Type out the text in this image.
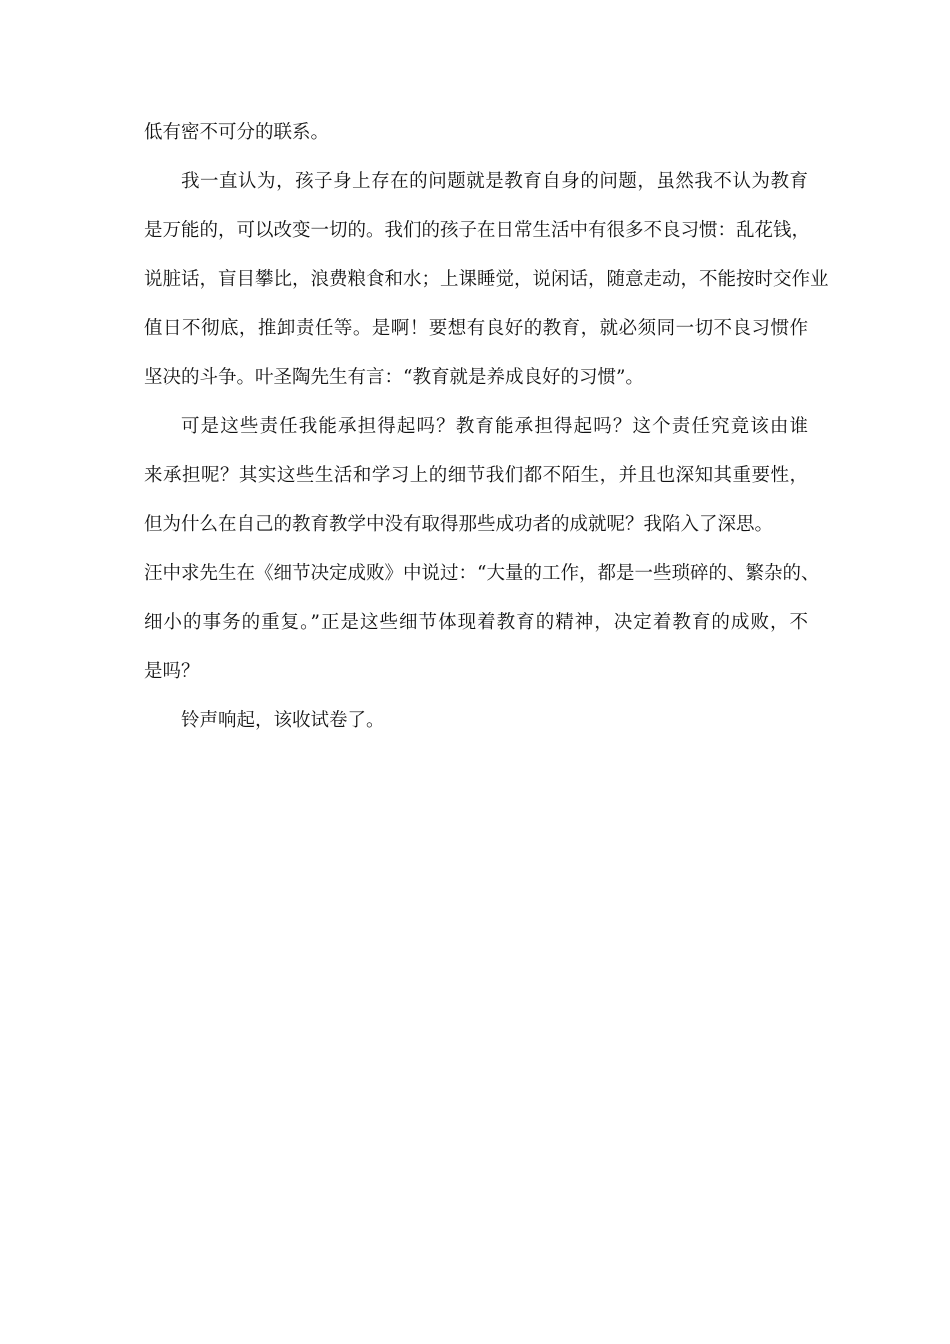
低有密不可分的联系。
我一直认为，孩子身上存在的问题就是教育自身的问题，虽然我不认为教育
是万能的，可以改变一切的。我们的孩子在日常生活中有很多不良习惯：乱花钱，
说脏话，盲目攀比，浪费粮食和水；上课睡觉，说闲话，随意走动，不能按时交作业
值日不彻底，推卸责任等。是啊！要想有良好的教育，就必须同一切不良习惯作
坚决的斗争。叶圣陶先生有言：“教育就是养成良好的习惯”。
可是这些责任我能承担得起吗？教育能承担得起吗？这个责任究竟该由谁
来承担呢？其实这些生活和学习上的细节我们都不陌生，并且也深知其重要性，
但为什么在自己的教育教学中没有取得那些成功者的成就呢？我陷入了深思。
汪中求先生在《细节决定成败》中说过：“大量的工作，都是一些琐碎的、繁杂的、
细小的事务的重复。”正是这些细节体现着教育的精神，决定着教育的成败，不
是吗？
铃声响起，该收试卷了。
